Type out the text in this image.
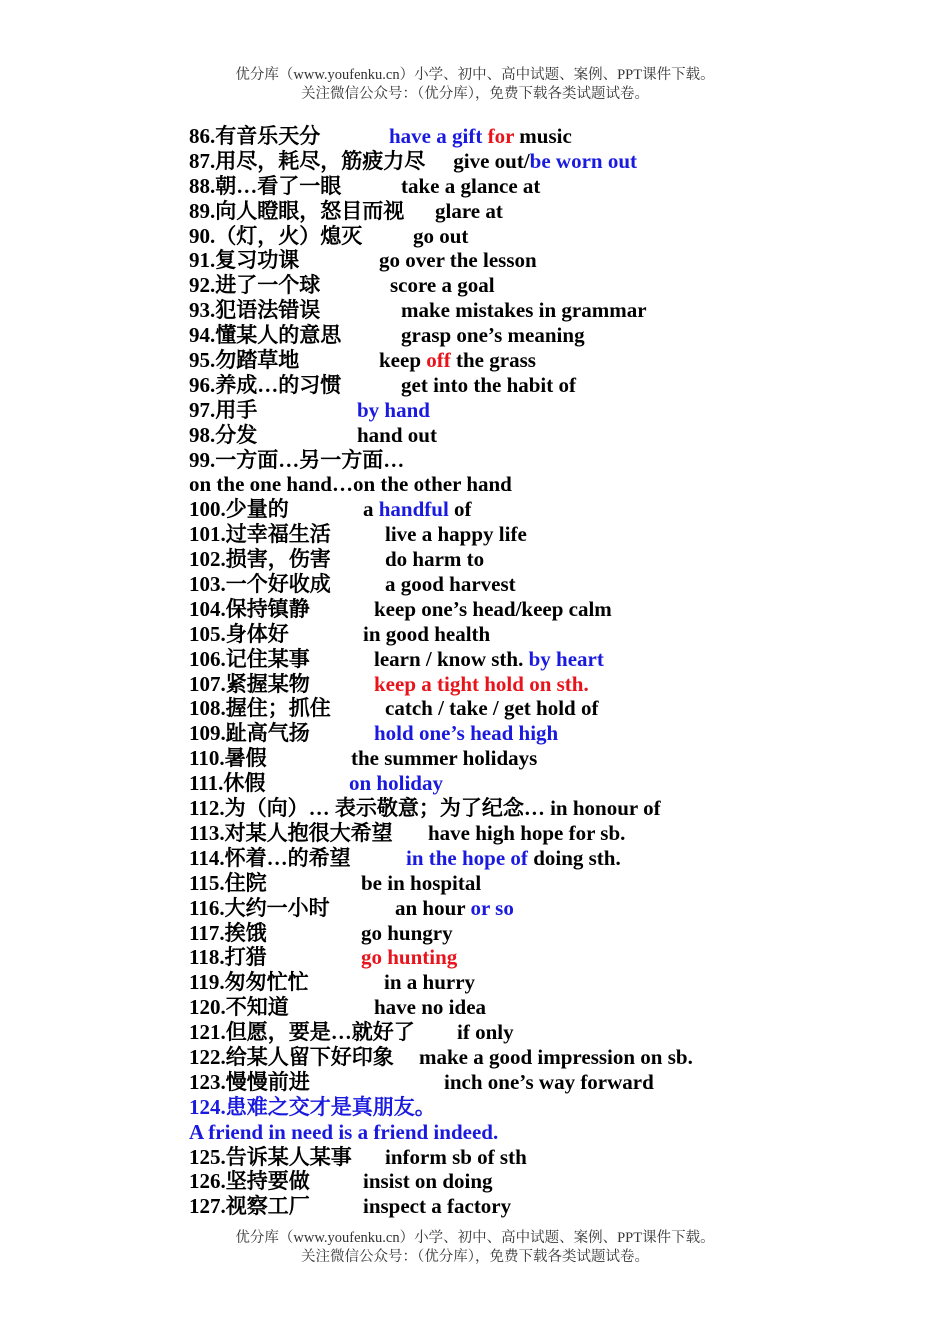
优分库（www.youfenku.cn）小学、初中、高中试题、案例、PPT课件下载。
关注微信公众号：（优分库），免费下载各类试题试卷。
86.有音乐天分	have a gift for music
87.用尽，耗尽，筋疲力尽 give out/be worn out
88.朝…看了一眼	take a glance at
89.向人瞪眼，怒目而视 glare at
90.（灯，火）熄灭 go out
91.复习功课	go over the lesson
92.进了一个球	score a goal
93.犯语法错误	make mistakes in grammar
94.懂某人的意思	grasp one’s meaning
95.勿踏草地	keep off the grass
96.养成…的习惯	get into the habit of
97.用手	by hand
98.分发	hand out
99.一方面…另一方面…
on the one hand…on the other hand
100.少量的	a handful of
101.过幸福生活	live a happy life
102.损害，伤害	do harm to
103.一个好收成	a good harvest
104.保持镇静	keep one’s head/keep calm
105.身体好	in good health
106.记住某事	learn / know sth. by heart
107.紧握某物	keep a tight hold on sth.
108.握住；抓住	catch / take / get hold of
109.趾高气扬	hold one’s head high
110.暑假	the summer holidays
111.休假	on holiday
112.为（向）… 表示敬意；为了纪念… in honour of
113.对某人抱很大希望 have high hope for sb.
114.怀着…的希望	in the hope of doing sth.
115.住院	be in hospital
116.大约一小时	an hour or so
117.挨饿	go hungry
118.打猎	go hunting
119.匆匆忙忙	in a hurry
120.不知道	have no idea
121.但愿，要是…就好了 if only
122.给某人留下好印象 make a good impression on sb.
123.慢慢前进	inch one’s way forward
124.患难之交才是真朋友。
A friend in need is a friend indeed.
125.告诉某人某事 inform sb of sth
126.坚持要做	insist on doing
127.视察工厂	inspect a factory
优分库（www.youfenku.cn）小学、初中、高中试题、案例、PPT课件下载。
关注微信公众号：（优分库），免费下载各类试题试卷。
